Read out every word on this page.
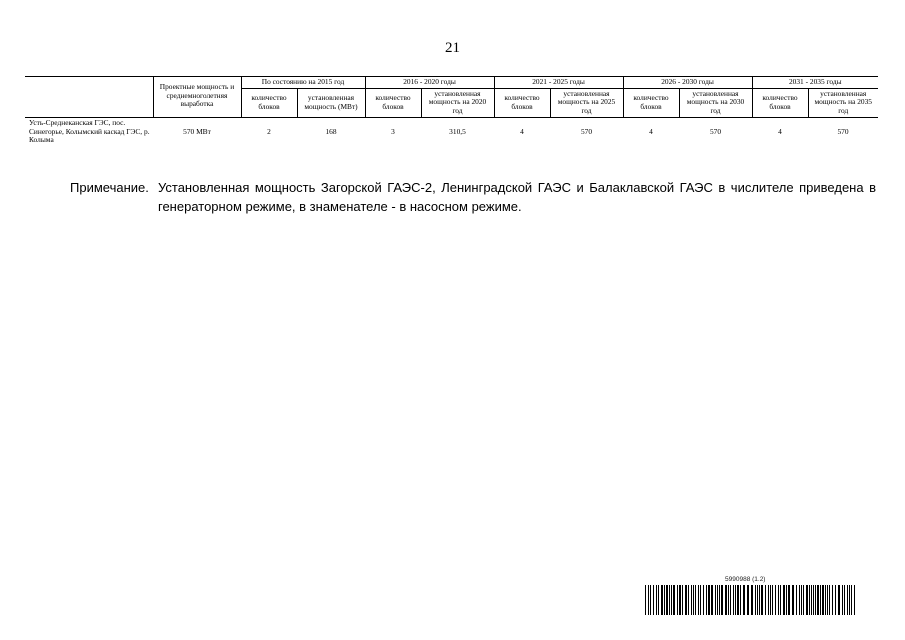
21
	Проектные мощность и среднемноголетняя выработка	По состоянию на 2015 год		2016 - 2020 годы		2021 - 2025 годы		2026 - 2030 годы		2031 - 2035 годы	
		количество блоков	установленная мощность (МВт)	количество блоков	установленная мощность на 2020 год	количество блоков	установленная мощность на 2025 год	количество блоков	установленная мощность на 2030 год	количество блоков	установленная мощность на 2035 год
Усть-Среднеканская ГЭС, пос. Синегорье, Колымский каскад ГЭС, р. Колыма	570 МВт	2	168	3	310,5	4	570	4	570	4	570
Примечание. Установленная мощность Загорской ГАЭС-2, Ленинградской ГАЭС и Балаклавской ГАЭС в числителе приведена в генераторном режиме, в знаменателе - в насосном режиме.
5990988 (1.2)
